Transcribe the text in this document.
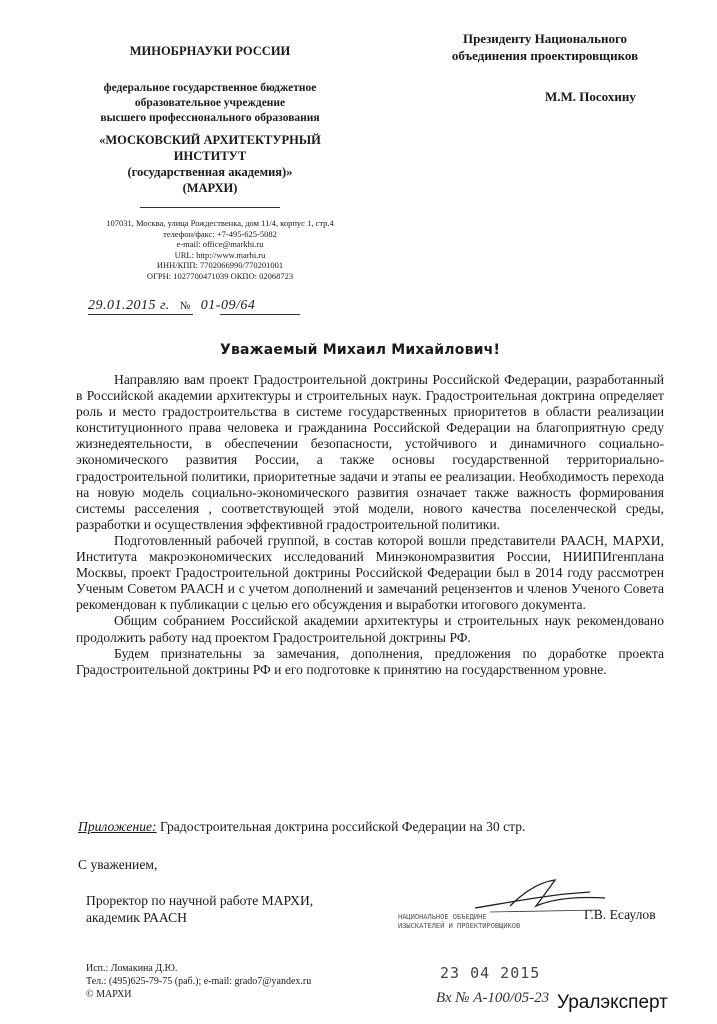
МИНОБРНАУКИ РОССИИ
федеральное государственное бюджетное
образовательное учреждение
высшего профессионального образования
«МОСКОВСКИЙ АРХИТЕКТУРНЫЙ
ИНСТИТУТ
(государственная академия)»
(МАРХИ)
107031, Москва, улица Рождественка, дом 11/4, корпус 1, стр.4
телефон/факс: +7-495-625-5082
e-mail: office@markhi.ru
URL: http://www.marhi.ru
ИНН/КПП: 7702066990/770201001
ОГРН: 1027700471039 ОКПО: 02068723
29.01.2015 г. № 01-09/64
Президенту Национального
объединения проектировщиков
М.М. Посохину
Уважаемый Михаил Михайлович!

Направляю вам проект Градостроительной доктрины Российской Федерации, разработанный в Российской академии архитектуры и строительных наук. Градостроительная доктрина определяет роль и место градостроительства в системе государственных приоритетов в области реализации конституционного права человека и гражданина Российской Федерации на благоприятную среду жизнедеятельности, в обеспечении безопасности, устойчивого и динамичного социально-экономического развития России, а также основы государственной территориально-градостроительной политики, приоритетные задачи и этапы ее реализации. Необходимость перехода на новую модель социально-экономического развития означает также важность формирования системы расселения , соответствующей этой модели, нового качества поселенческой среды, разработки и осуществления эффективной градостроительной политики.

Подготовленный рабочей группой, в состав которой вошли представители РААСН, МАРХИ, Института макроэкономических исследований Минэкономразвития России, НИИПИгенплана Москвы, проект Градостроительной доктрины Российской Федерации был в 2014 году рассмотрен Ученым Советом РААСН и с учетом дополнений и замечаний рецензентов и членов Ученого Совета рекомендован к публикации с целью его обсуждения и выработки итогового документа.

Общим собранием Российской академии архитектуры и строительных наук рекомендовано продолжить работу над проектом Градостроительной доктрины РФ.

Будем признательны за замечания, дополнения, предложения по доработке проекта Градостроительной доктрины РФ и его подготовке к принятию на государственном уровне.

Приложение: Градостроительная доктрина российской Федерации на 30 стр.
С уважением,
Проректор по научной работе МАРХИ,
академик РААСН	Г.В. Есаулов
НАЦИОНАЛЬНОЕ ОБЪЕДИНЕ
ИЗЫСКАТЕЛЕЙ И ПРОЕКТИРОВЩИКОВ
23 04 2015
Вх № А-100/05-23
Исп.: Ломакина Д.Ю.
Тел.: (495)625-79-75 (раб.); e-mail: grado7@yandex.ru
© МАРХИ	Уралэксперт
